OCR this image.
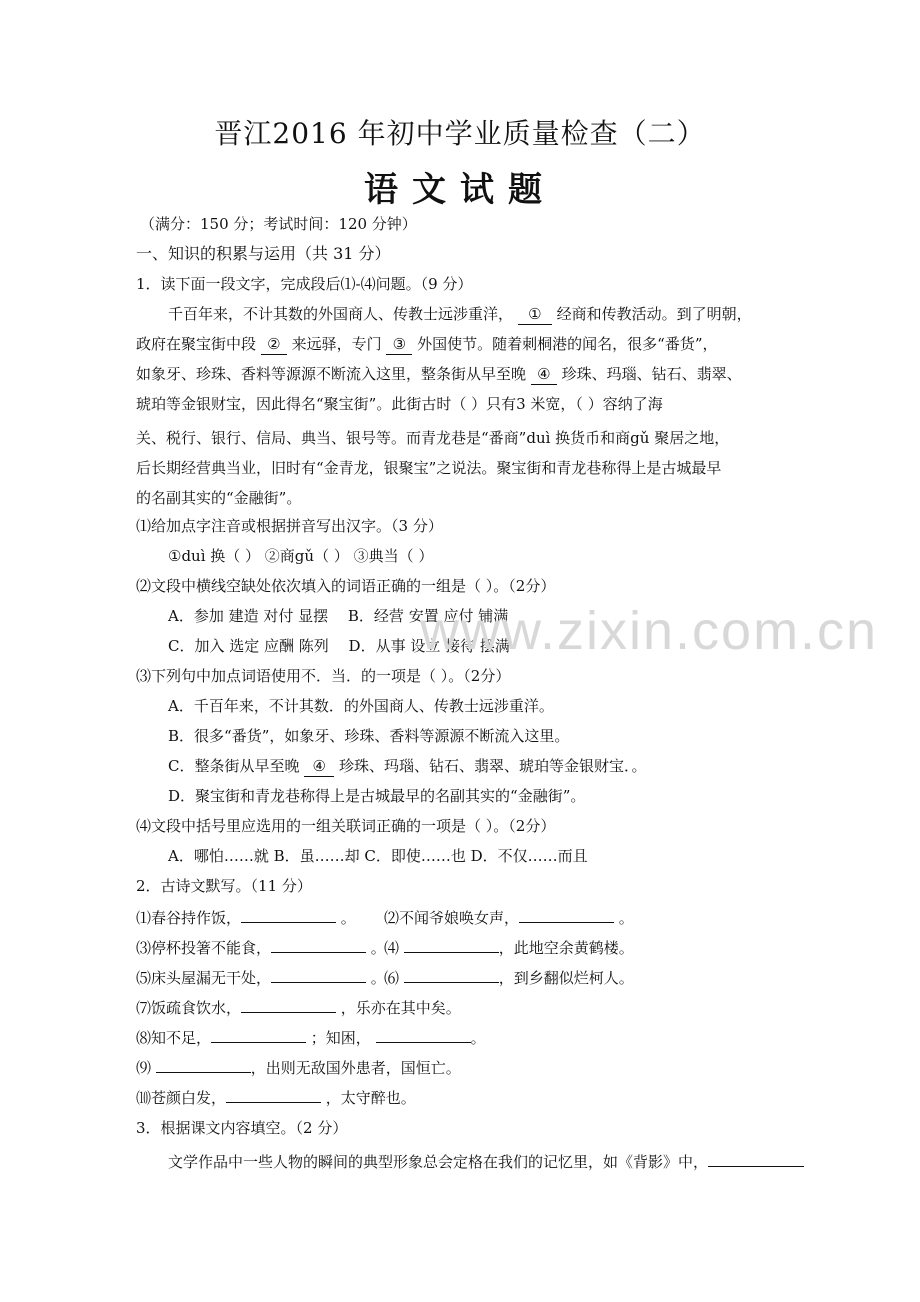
晋江2016 年初中学业质量检查（二）
语文试题
（满分：150 分；考试时间：120 分钟）
一、知识的积累与运用（共 31 分）
1．读下面一段文字，完成段后⑴-⑷问题。（9 分）
千百年来，不计其数的外国商人、传教士远涉重洋， ① 经商和传教活动。到了明朝，
政府在聚宝街中段 ② 来远驿，专门 ③ 外国使节。随着刺桐港的闻名，很多“番货”，
如象牙、珍珠、香料等源源不断流入这里，整条街从早至晚 ④ 珍珠、玛瑙、钻石、翡翠、
琥珀等金银财宝，因此得名“聚宝街”。此街古时（ ）只有3 米宽，（ ）容纳了海
关、税行、银行、信局、典当、银号等。而青龙巷是“番商”duì 换货币和商gǔ 聚居之地，
后长期经营典当业，旧时有“金青龙，银聚宝”之说法。聚宝街和青龙巷称得上是古城最早
的名副其实的“金融街”。
⑴给加点字注音或根据拼音写出汉字。（3 分）
①duì 换（ ） ②商gǔ（ ） ③典当（ ）
⑵文段中横线空缺处依次填入的词语正确的一组是（ ）。（2分）
A．参加 建造 对付 显摆　 B．经营 安置 应付 铺满
C．加入 选定 应酬 陈列　 D．从事 设立 接待 摆满
⑶下列句中加点词语使用不．当．的一项是（ ）。（2分）
A．千百年来，不计其数．的外国商人、传教士远涉重洋。
B．很多“番货”，如象牙、珍珠、香料等源源不断流入这里。
C．整条街从早至晚 ④ 珍珠、玛瑙、钻石、翡翠、琥珀等金银财宝．。
D．聚宝街和青龙巷称得上是古城最早的名副其实的“金融街”。
⑷文段中括号里应选用的一组关联词正确的一项是（ ）。（2分）
A．哪怕……就 B．虽……却 C．即使……也 D．不仅……而且
2．古诗文默写。（11 分）
⑴春谷持作饭，	。	⑵不闻爷娘唤女声，	。
⑶停杯投箸不能食，	。
⑷	，此地空余黄鹤楼。
⑸床头屋漏无干处，	。
⑹	，到乡翻似烂柯人。
⑺饭疏食饮水，	，乐亦在其中矣。
⑻知不足，	；知困，	。
⑼	，出则无敌国外患者，国恒亡。
⑽苍颜白发，	，太守醉也。
3．根据课文内容填空。（2 分）
文学作品中一些人物的瞬间的典型形象总会定格在我们的记忆里，如《背影》中，
www.zixin.com.cn
